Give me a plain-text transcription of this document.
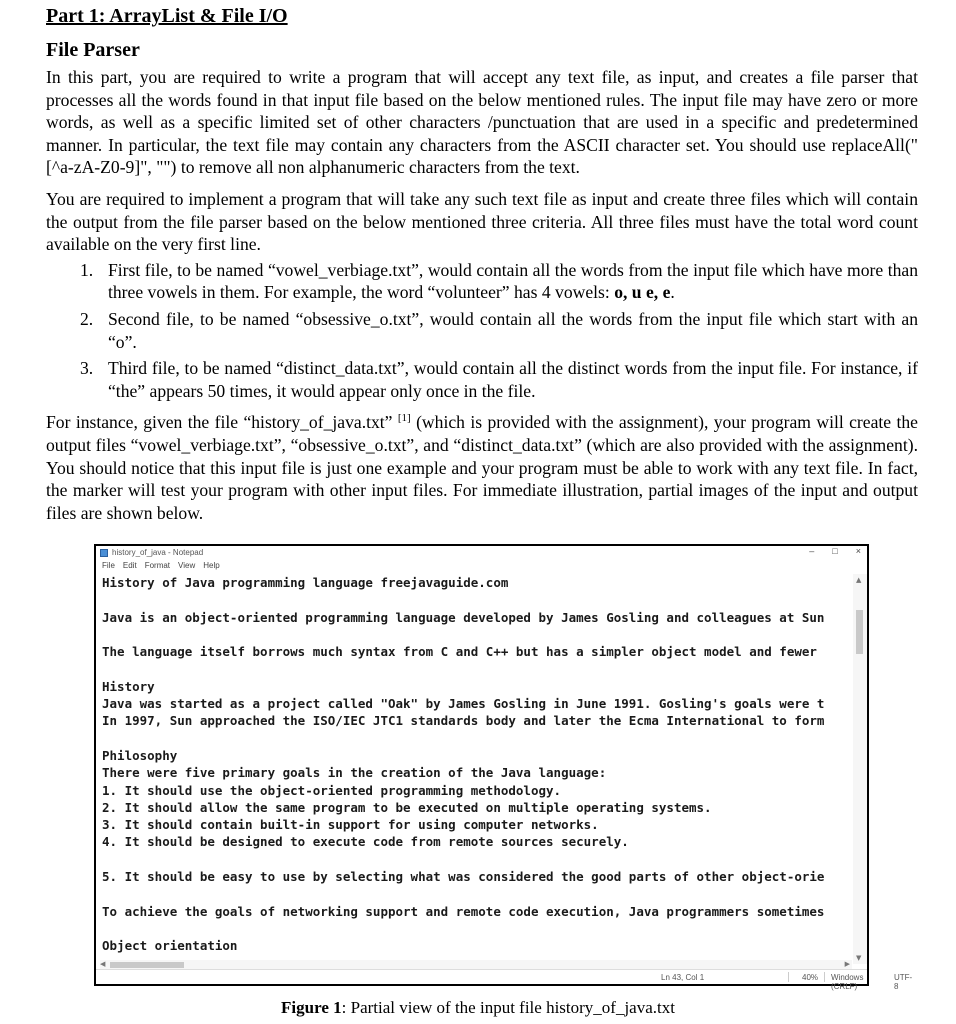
Part 1: ArrayList & File I/O
File Parser

In this part, you are required to write a program that will accept any text file, as input, and creates a file parser that processes all the words found in that input file based on the below mentioned rules. The input file may have zero or more words, as well as a specific limited set of other characters /punctuation that are used in a specific and predetermined manner. In particular, the text file may contain any characters from the ASCII character set. You should use replaceAll("[^a-zA-Z0-9]", "") to remove all non alphanumeric characters from the text.

You are required to implement a program that will take any such text file as input and create three files which will contain the output from the file parser based on the below mentioned three criteria. All three files must have the total word count available on the very first line.

1. First file, to be named “vowel_verbiage.txt”, would contain all the words from the input file which have more than three vowels in them. For example, the word “volunteer” has 4 vowels: o, u e, e.
2. Second file, to be named “obsessive_o.txt”, would contain all the words from the input file which start with an “o”.
3. Third file, to be named “distinct_data.txt”, would contain all the distinct words from the input file. For instance, if “the” appears 50 times, it would appear only once in the file.

For instance, given the file “history_of_java.txt” [1] (which is provided with the assignment), your program will create the output files “vowel_verbiage.txt”, “obsessive_o.txt”, and “distinct_data.txt” (which are also provided with the assignment). You should notice that this input file is just one example and your program must be able to work with any text file. In fact, the marker will test your program with other input files. For immediate illustration, partial images of the input and output files are shown below.

history_of_java - Notepad	– □ ×
File Edit Format View Help
History of Java programming language freejavaguide.com
Java is an object-oriented programming language developed by James Gosling and colleagues at Sun
The language itself borrows much syntax from C and C++ but has a simpler object model and fewer
History
Java was started as a project called "Oak" by James Gosling in June 1991. Gosling's goals were t
In 1997, Sun approached the ISO/IEC JTC1 standards body and later the Ecma International to form
Philosophy
There were five primary goals in the creation of the Java language:
1. It should use the object-oriented programming methodology.
2. It should allow the same program to be executed on multiple operating systems.
3. It should contain built-in support for using computer networks.
4. It should be designed to execute code from remote sources securely.
5. It should be easy to use by selecting what was considered the good parts of other object-orie
To achieve the goals of networking support and remote code execution, Java programmers sometimes
Object orientation
▲
▼
◀	▶
Ln 43, Col 1	40% Windows (CRLF)
UTF-8
Figure 1: Partial view of the input file history_of_java.txt
